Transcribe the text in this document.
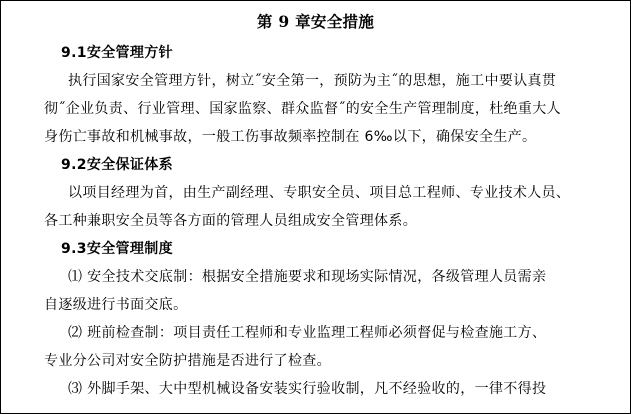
第 9 章安全措施
9.1安全管理方针
执行国家安全管理方针，树立˝安全第一，预防为主˝的思想，施工中要认真贯
彻˝企业负责、行业管理、国家监察、群众监督˝的安全生产管理制度，杜绝重大人
身伤亡事故和机械事故，一般工伤事故频率控制在 6‰以下，确保安全生产。
9.2安全保证体系
以项目经理为首，由生产副经理、专职安全员、项目总工程师、专业技术人员、
各工种兼职安全员等各方面的管理人员组成安全管理体系。
9.3安全管理制度
⑴ 安全技术交底制：根据安全措施要求和现场实际情况，各级管理人员需亲
自逐级进行书面交底。
⑵ 班前检查制：项目责任工程师和专业监理工程师必须督促与检查施工方、
专业分公司对安全防护措施是否进行了检查。
⑶ 外脚手架、大中型机械设备安装实行验收制，凡不经验收的，一律不得投
